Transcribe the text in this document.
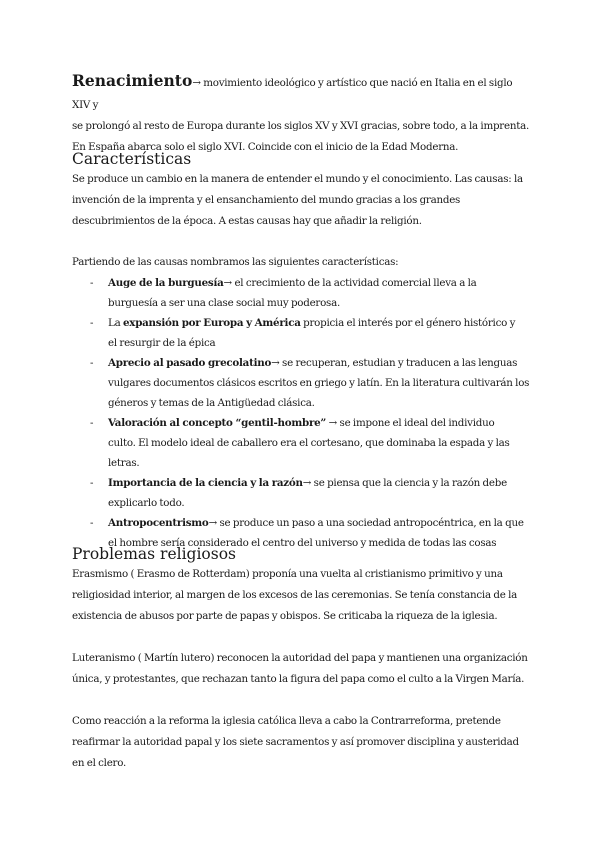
Renacimiento→ movimiento ideológico y artístico que nació en Italia en el siglo XIV y

se prolongó al resto de Europa durante los siglos XV y XVI gracias, sobre todo, a la imprenta.

En España abarca solo el siglo XVI. Coincide con el inicio de la Edad Moderna.

Características

Se produce un cambio en la manera de entender el mundo y el conocimiento. Las causas: la

invención de la imprenta y el ensanchamiento del mundo gracias a los grandes

descubrimientos de la época. A estas causas hay que añadir la religión.

Partiendo de las causas nombramos las siguientes características:

- Auge de la burguesía→ el crecimiento de la actividad comercial lleva a la
burguesía a ser una clase social muy poderosa.
- La expansión por Europa y América propicia el interés por el género histórico y
el resurgir de la épica
- Aprecio al pasado grecolatino→ se recuperan, estudian y traducen a las lenguas
vulgares documentos clásicos escritos en griego y latín. En la literatura cultivarán los
géneros y temas de la Antigüedad clásica.
- Valoración al concepto “gentil-hombre” → se impone el ideal del individuo
culto. El modelo ideal de caballero era el cortesano, que dominaba la espada y las
letras.
- Importancia de la ciencia y la razón→ se piensa que la ciencia y la razón debe
explicarlo todo.
- Antropocentrismo→ se produce un paso a una sociedad antropocéntrica, en la que
el hombre sería considerado el centro del universo y medida de todas las cosas
Problemas religiosos

Erasmismo ( Erasmo de Rotterdam) proponía una vuelta al cristianismo primitivo y una

religiosidad interior, al margen de los excesos de las ceremonias. Se tenía constancia de la

existencia de abusos por parte de papas y obispos. Se criticaba la riqueza de la iglesia.

Luteranismo ( Martín lutero) reconocen la autoridad del papa y mantienen una organización

única, y protestantes, que rechazan tanto la figura del papa como el culto a la Virgen María.

Como reacción a la reforma la iglesia católica lleva a cabo la Contrarreforma, pretende

reafirmar la autoridad papal y los siete sacramentos y así promover disciplina y austeridad

en el clero.
